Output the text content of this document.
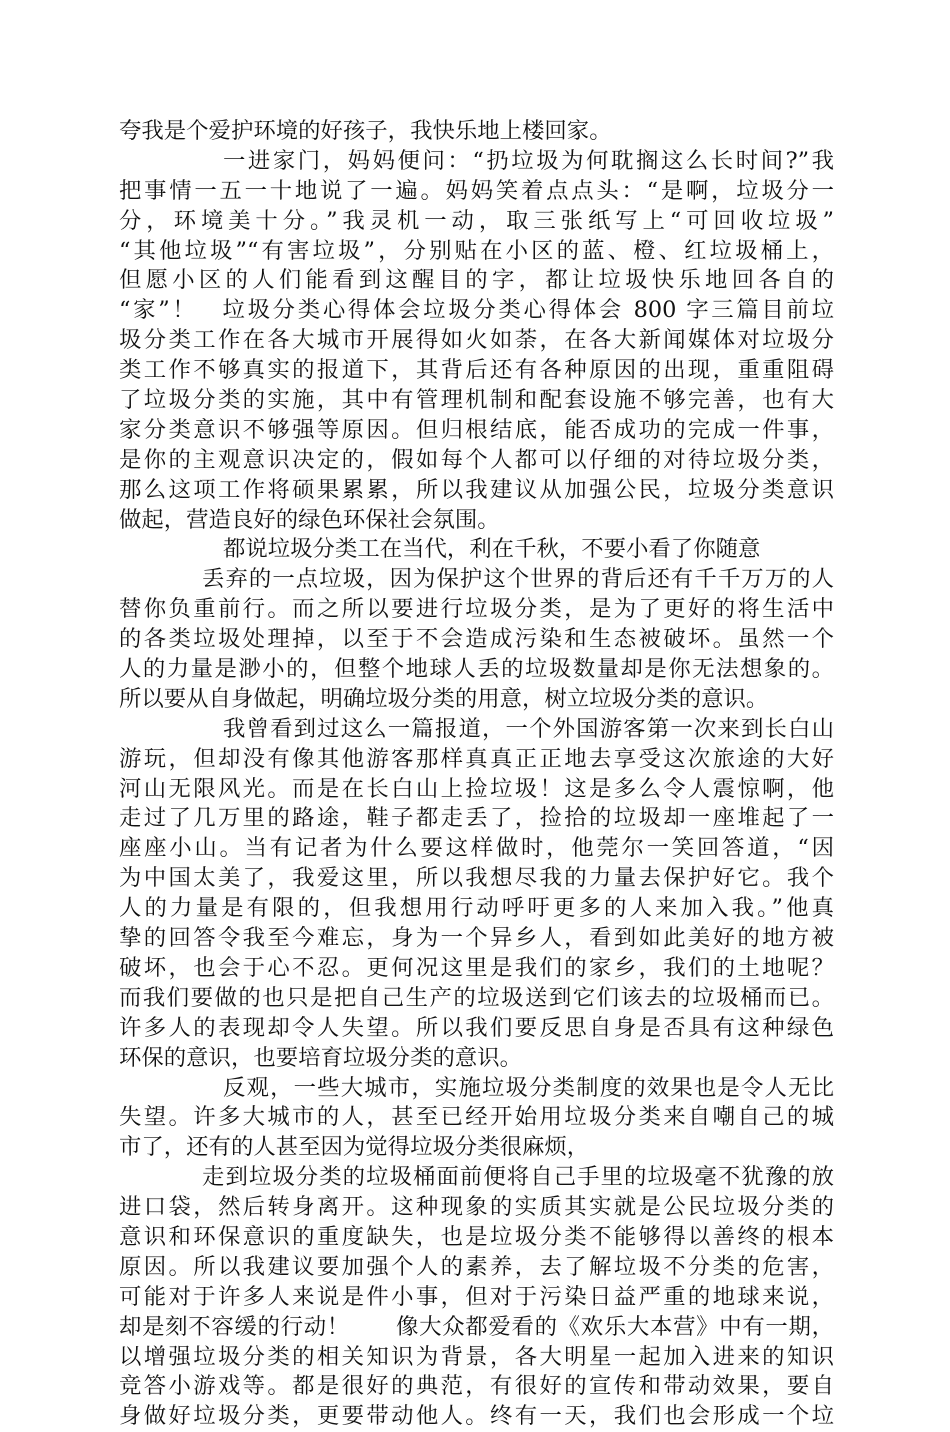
夸我是个爱护环境的好孩子，我快乐地上楼回家。
一进家门，妈妈便问：“扔垃圾为何耽搁这么长时间?”我
把事情一五一十地说了一遍。妈妈笑着点点头：“是啊，垃圾分一
分，环境美十分。”我灵机一动，取三张纸写上“可回收垃圾”
“其他垃圾”“有害垃圾”，分别贴在小区的蓝、橙、红垃圾桶上，
但愿小区的人们能看到这醒目的字，都让垃圾快乐地回各自的
“家”！　垃圾分类心得体会垃圾分类心得体会 800 字三篇目前垃
圾分类工作在各大城市开展得如火如荼，在各大新闻媒体对垃圾分
类工作不够真实的报道下，其背后还有各种原因的出现，重重阻碍
了垃圾分类的实施，其中有管理机制和配套设施不够完善，也有大
家分类意识不够强等原因。但归根结底，能否成功的完成一件事，
是你的主观意识决定的，假如每个人都可以仔细的对待垃圾分类，
那么这项工作将硕果累累，所以我建议从加强公民，垃圾分类意识
做起，营造良好的绿色环保社会氛围。
都说垃圾分类工在当代，利在千秋，不要小看了你随意
丢弃的一点垃圾，因为保护这个世界的背后还有千千万万的人
替你负重前行。而之所以要进行垃圾分类，是为了更好的将生活中
的各类垃圾处理掉，以至于不会造成污染和生态被破坏。虽然一个
人的力量是渺小的，但整个地球人丢的垃圾数量却是你无法想象的。
所以要从自身做起，明确垃圾分类的用意，树立垃圾分类的意识。
我曾看到过这么一篇报道，一个外国游客第一次来到长白山
游玩，但却没有像其他游客那样真真正正地去享受这次旅途的大好
河山无限风光。而是在长白山上捡垃圾！这是多么令人震惊啊，他
走过了几万里的路途，鞋子都走丢了，捡拾的垃圾却一座堆起了一
座座小山。当有记者为什么要这样做时，他莞尔一笑回答道，“因
为中国太美了，我爱这里，所以我想尽我的力量去保护好它。我个
人的力量是有限的，但我想用行动呼吁更多的人来加入我。”他真
挚的回答令我至今难忘，身为一个异乡人，看到如此美好的地方被
破坏，也会于心不忍。更何况这里是我们的家乡，我们的土地呢？
而我们要做的也只是把自己生产的垃圾送到它们该去的垃圾桶而已。
许多人的表现却令人失望。所以我们要反思自身是否具有这种绿色
环保的意识，也要培育垃圾分类的意识。
反观，一些大城市，实施垃圾分类制度的效果也是令人无比
失望。许多大城市的人，甚至已经开始用垃圾分类来自嘲自己的城
市了，还有的人甚至因为觉得垃圾分类很麻烦，
走到垃圾分类的垃圾桶面前便将自己手里的垃圾毫不犹豫的放
进口袋，然后转身离开。这种现象的实质其实就是公民垃圾分类的
意识和环保意识的重度缺失，也是垃圾分类不能够得以善终的根本
原因。所以我建议要加强个人的素养，去了解垃圾不分类的危害，
可能对于许多人来说是件小事，但对于污染日益严重的地球来说，
却是刻不容缓的行动！　　像大众都爱看的《欢乐大本营》中有一期，
以增强垃圾分类的相关知识为背景，各大明星一起加入进来的知识
竞答小游戏等。都是很好的典范，有很好的宣传和带动效果，要自
身做好垃圾分类，更要带动他人。终有一天，我们也会形成一个垃
